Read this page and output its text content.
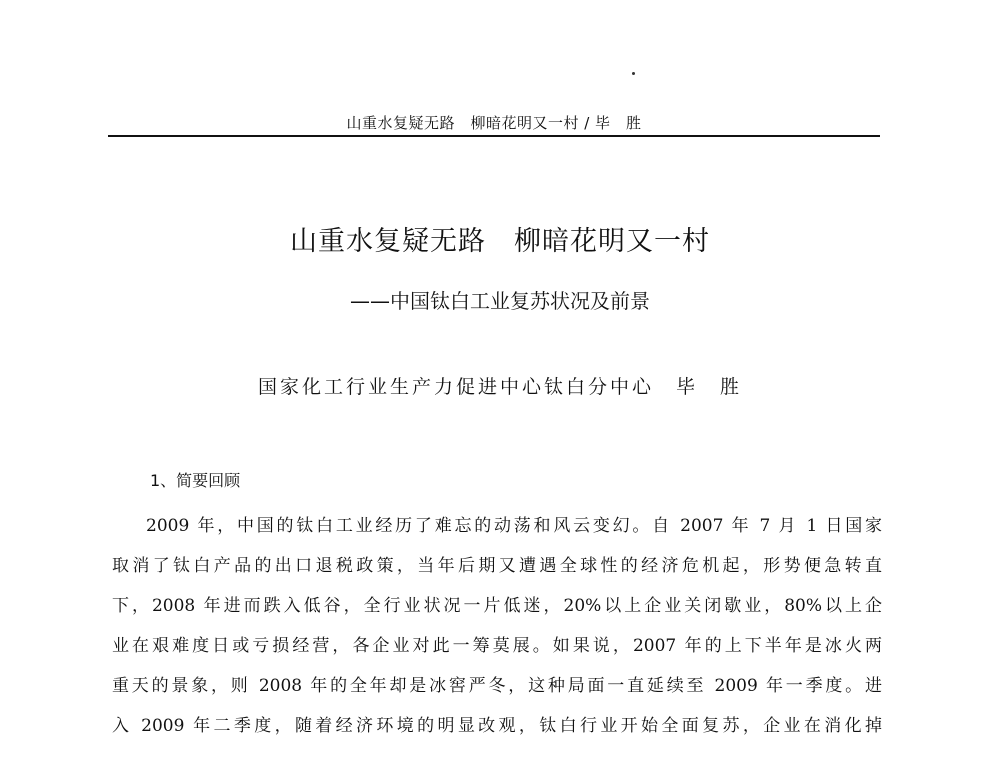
山重水复疑无路　柳暗花明又一村 / 毕　胜
山重水复疑无路　柳暗花明又一村
——中国钛白工业复苏状况及前景
国家化工行业生产力促进中心钛白分中心　毕　胜
1、简要回顾
2009 年，中国的钛白工业经历了难忘的动荡和风云变幻。自 2007 年 7 月 1 日国家
取消了钛白产品的出口退税政策，当年后期又遭遇全球性的经济危机起，形势便急转直
下，2008 年进而跌入低谷，全行业状况一片低迷，20%以上企业关闭歇业，80%以上企
业在艰难度日或亏损经营，各企业对此一筹莫展。如果说，2007 年的上下半年是冰火两
重天的景象，则 2008 年的全年却是冰窖严冬，这种局面一直延续至 2009 年一季度。进
入 2009 年二季度，随着经济环境的明显改观，钛白行业开始全面复苏，企业在消化掉
